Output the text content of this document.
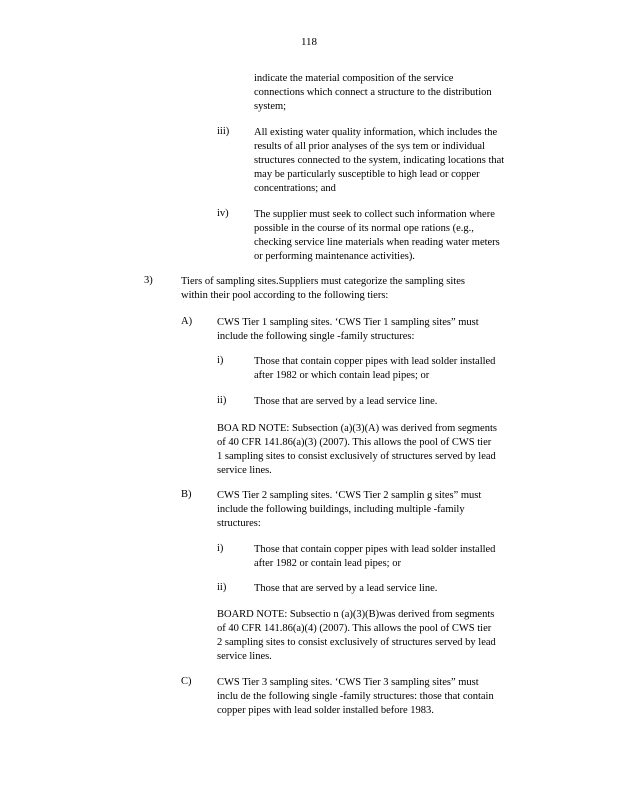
118
indicate the material composition of the service
connections which connect a structure to the distribution
system;
iii) All existing water quality information, which includes the
results of all prior analyses of the sys tem or individual
structures connected to the system, indicating locations that
may be particularly susceptible to high lead or copper
concentrations; and
iv) The supplier must seek to collect such information where
possible in the course of its normal ope rations (e.g.,
checking service line materials when reading water meters
or performing maintenance activities).
3)	Tiers of sampling sites.Suppliers must categorize the sampling sites
within their pool according to the following tiers:
A) CWS Tier 1 sampling sites. ‘CWS Tier 1 sampling sites” must
include the following single -family structures:
i)	Those that contain copper pipes with lead solder installed
after 1982 or which contain lead pipes; or
ii)	Those that are served by a lead service line.
BOA RD NOTE: Subsection (a)(3)(A) was derived from segments
of 40 CFR 141.86(a)(3) (2007). This allows the pool of CWS tier
1 sampling sites to consist exclusively of structures served by lead
service lines.
B) CWS Tier 2 sampling sites. ‘CWS Tier 2 samplin g sites” must
include the following buildings, including multiple -family
structures:
i)	Those that contain copper pipes with lead solder installed
after 1982 or contain lead pipes; or
ii)	Those that are served by a lead service line.
BOARD NOTE: Subsectio n (a)(3)(B)was derived from segments
of 40 CFR 141.86(a)(4) (2007). This allows the pool of CWS tier
2 sampling sites to consist exclusively of structures served by lead
service lines.
C) CWS Tier 3 sampling sites. ‘CWS Tier 3 sampling sites” must
inclu de the following single -family structures: those that contain
copper pipes with lead solder installed before 1983.
